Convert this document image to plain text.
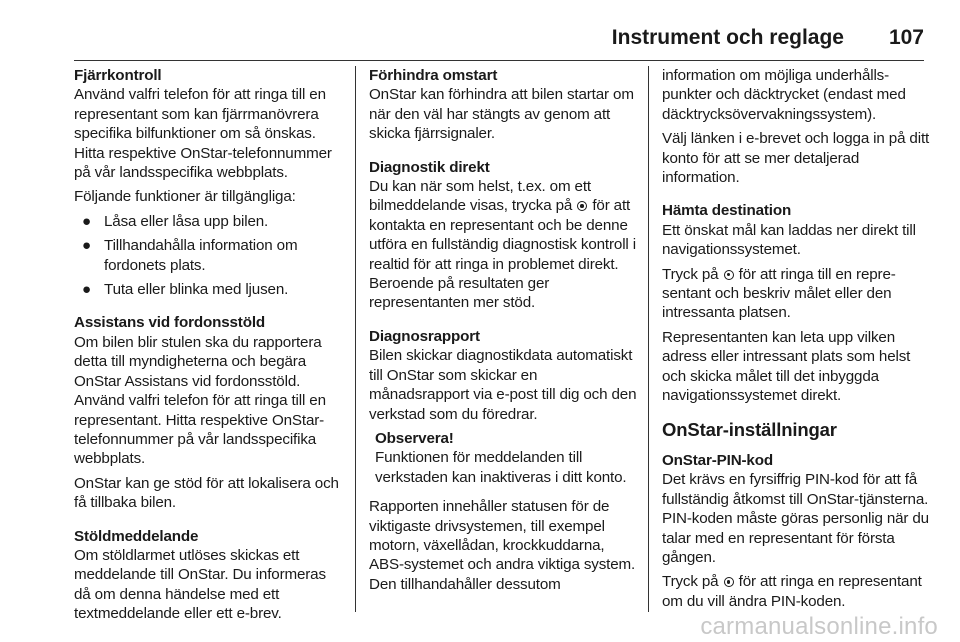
Instrument och reglage 107
Fjärrkontroll
Använd valfri telefon för att ringa till en representant som kan fjärrmanövrera specifika bilfunktioner om så önskas. Hitta respektive OnStar-telefonnummer på vår landsspecifika webbplats.
Följande funktioner är tillgängliga:
● Låsa eller låsa upp bilen.
● Tillhandahålla information om fordonets plats.
● Tuta eller blinka med ljusen.
Assistans vid fordonsstöld
Om bilen blir stulen ska du rapportera detta till myndigheterna och begära OnStar Assistans vid fordonsstöld. Använd valfri telefon för att ringa till en representant. Hitta respektive OnStar-telefonnummer på vår landsspecifika webbplats.
OnStar kan ge stöd för att lokalisera och få tillbaka bilen.
Stöldmeddelande
Om stöldlarmet utlöses skickas ett meddelande till OnStar. Du informeras då om denna händelse med ett textmeddelande eller ett e-brev.
Förhindra omstart
OnStar kan förhindra att bilen startar om när den väl har stängts av genom att skicka fjärrsignaler.
Diagnostik direkt
Du kan när som helst, t.ex. om ett bilmeddelande visas, trycka på för att kontakta en representant och be denne utföra en fullständig diagnostisk kontroll i realtid för att ringa in problemet direkt. Beroende på resultaten ger representanten mer stöd.
Diagnosrapport
Bilen skickar diagnostikdata automatiskt till OnStar som skickar en månadsrapport via e-post till dig och den verkstad som du föredrar.
Observera!
Funktionen för meddelanden till verkstaden kan inaktiveras i ditt konto.
Rapporten innehåller statusen för de viktigaste drivsystemen, till exempel motorn, växellådan, krockkuddarna, ABS-systemet och andra viktiga system. Den tillhandahåller dessutom
information om möjliga underhållspunkter och däcktrycket (endast med däcktrycksövervakningssystem).
Välj länken i e-brevet och logga in på ditt konto för att se mer detaljerad information.
Hämta destination
Ett önskat mål kan laddas ner direkt till navigationssystemet.
Tryck på för att ringa till en representant och beskriv målet eller den intressanta platsen.
Representanten kan leta upp vilken adress eller intressant plats som helst och skicka målet till det inbyggda navigationssystemet direkt.
OnStar-inställningar
OnStar-PIN-kod
Det krävs en fyrsiffrig PIN-kod för att få fullständig åtkomst till OnStar-tjänsterna. PIN-koden måste göras personlig när du talar med en representant för första gången.
Tryck på för att ringa en representant om du vill ändra PIN-koden.
carmanualsonline.info
